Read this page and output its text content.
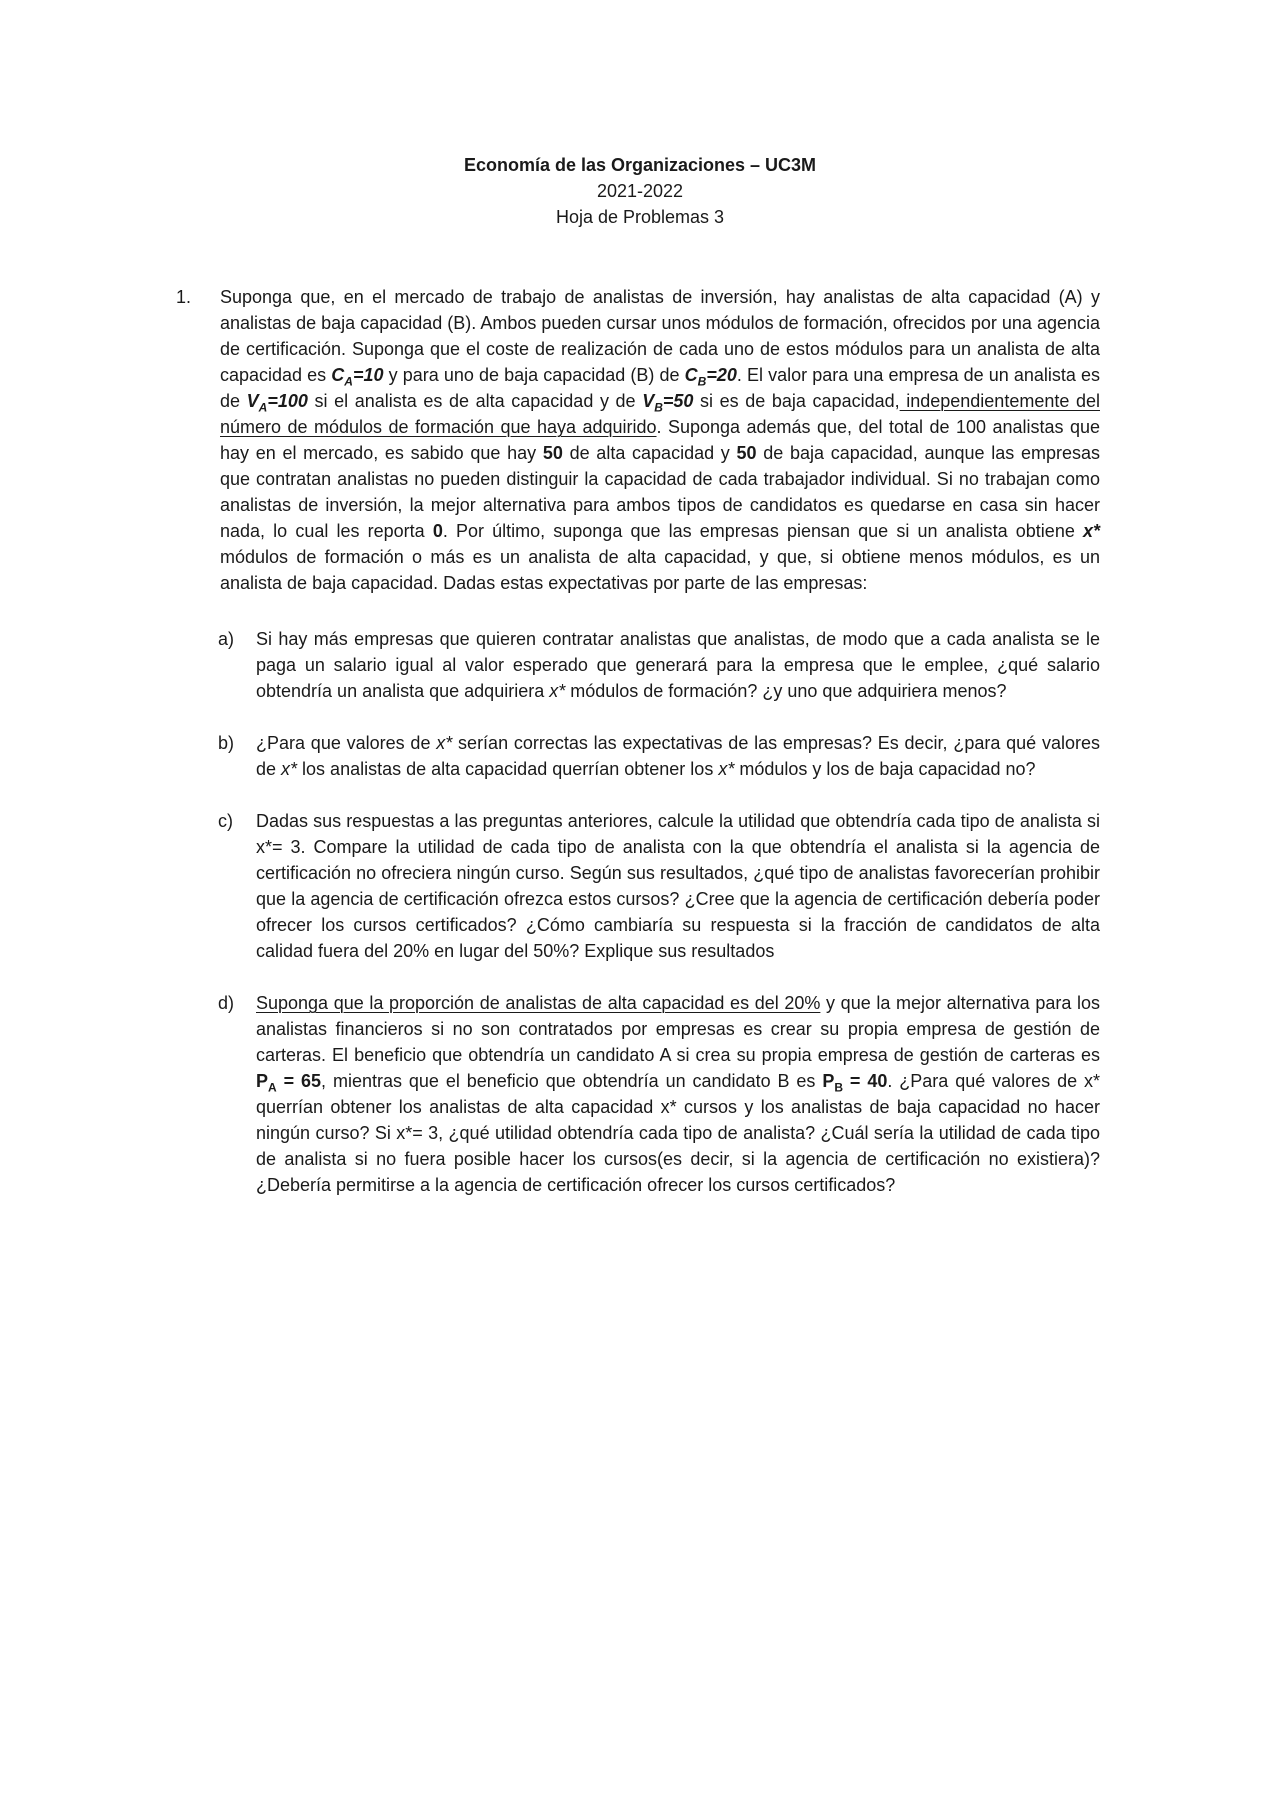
Economía de las Organizaciones – UC3M
2021-2022
Hoja de Problemas 3
1. Suponga que, en el mercado de trabajo de analistas de inversión, hay analistas de alta capacidad (A) y analistas de baja capacidad (B). Ambos pueden cursar unos módulos de formación, ofrecidos por una agencia de certificación. Suponga que el coste de realización de cada uno de estos módulos para un analista de alta capacidad es $C_A=10$ y para uno de baja capacidad (B) de $C_B=20$. El valor para una empresa de un analista es de $V_A=100$ si el analista es de alta capacidad y de $V_B=50$ si es de baja capacidad, independientemente del número de módulos de formación que haya adquirido. Suponga además que, del total de 100 analistas que hay en el mercado, es sabido que hay 50 de alta capacidad y 50 de baja capacidad, aunque las empresas que contratan analistas no pueden distinguir la capacidad de cada trabajador individual. Si no trabajan como analistas de inversión, la mejor alternativa para ambos tipos de candidatos es quedarse en casa sin hacer nada, lo cual les reporta 0. Por último, suponga que las empresas piensan que si un analista obtiene x* módulos de formación o más es un analista de alta capacidad, y que, si obtiene menos módulos, es un analista de baja capacidad. Dadas estas expectativas por parte de las empresas:

a) Si hay más empresas que quieren contratar analistas que analistas, de modo que a cada analista se le paga un salario igual al valor esperado que generará para la empresa que le emplee, ¿qué salario obtendría un analista que adquiriera x* módulos de formación? ¿y uno que adquiriera menos?
b) ¿Para que valores de x* serían correctas las expectativas de las empresas? Es decir, ¿para qué valores de x* los analistas de alta capacidad querrían obtener los x* módulos y los de baja capacidad no?
c) Dadas sus respuestas a las preguntas anteriores, calcule la utilidad que obtendría cada tipo de analista si x*= 3. Compare la utilidad de cada tipo de analista con la que obtendría el analista si la agencia de certificación no ofreciera ningún curso. Según sus resultados, ¿qué tipo de analistas favorecerían prohibir que la agencia de certificación ofrezca estos cursos? ¿Cree que la agencia de certificación debería poder ofrecer los cursos certificados? ¿Cómo cambiaría su respuesta si la fracción de candidatos de alta calidad fuera del 20% en lugar del 50%? Explique sus resultados
d) Suponga que la proporción de analistas de alta capacidad es del 20% y que la mejor alternativa para los analistas financieros si no son contratados por empresas es crear su propia empresa de gestión de carteras. El beneficio que obtendría un candidato A si crea su propia empresa de gestión de carteras es $P_A = 65$, mientras que el beneficio que obtendría un candidato B es $P_B = 40$. ¿Para qué valores de x* querrían obtener los analistas de alta capacidad x* cursos y los analistas de baja capacidad no hacer ningún curso? Si x*= 3, ¿qué utilidad obtendría cada tipo de analista? ¿Cuál sería la utilidad de cada tipo de analista si no fuera posible hacer los cursos(es decir, si la agencia de certificación no existiera)? ¿Debería permitirse a la agencia de certificación ofrecer los cursos certificados?
